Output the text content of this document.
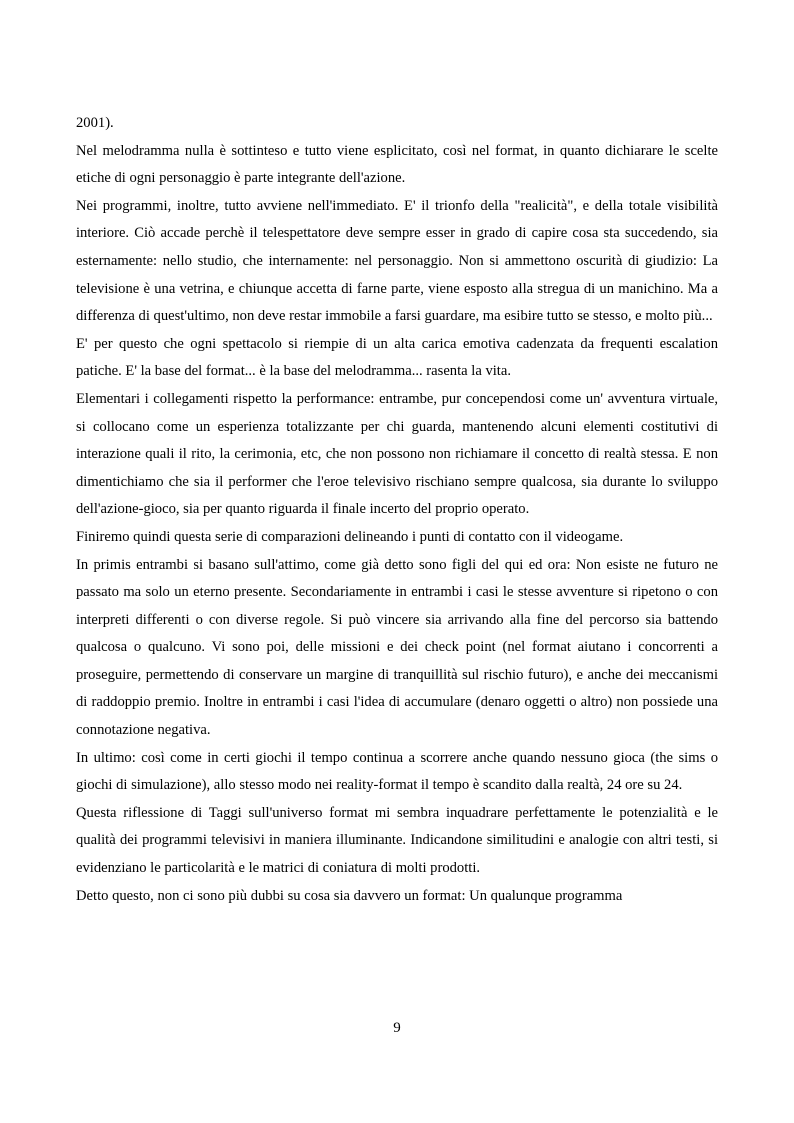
2001).

Nel melodramma nulla è sottinteso e tutto viene esplicitato, così nel format, in quanto dichiarare le scelte etiche di ogni personaggio è parte integrante dell'azione.

Nei programmi, inoltre, tutto avviene nell'immediato. E' il trionfo della "realicità", e della totale visibilità interiore. Ciò accade perchè il telespettatore deve sempre esser in grado di capire cosa sta succedendo, sia esternamente: nello studio, che internamente: nel personaggio. Non si ammettono oscurità di giudizio: La televisione è una vetrina, e chiunque accetta di farne parte, viene esposto alla stregua di un manichino. Ma a differenza di quest'ultimo, non deve restar immobile a farsi guardare, ma esibire tutto se stesso, e molto più...

E' per questo che ogni spettacolo si riempie di un alta carica emotiva cadenzata da frequenti escalation patiche. E' la base del format... è la base del melodramma... rasenta la vita.

Elementari i collegamenti rispetto la performance: entrambe, pur concependosi come un' avventura virtuale, si collocano come un esperienza totalizzante per chi guarda, mantenendo alcuni elementi costitutivi di interazione quali il rito, la cerimonia, etc, che non possono non richiamare il concetto di realtà stessa. E non dimentichiamo che sia il performer che l'eroe televisivo rischiano sempre qualcosa, sia durante lo sviluppo dell'azione-gioco, sia per quanto riguarda il finale incerto del proprio operato.

Finiremo quindi questa serie di comparazioni delineando i punti di contatto con il videogame.

In primis entrambi si basano sull'attimo, come già detto sono figli del qui ed ora: Non esiste ne futuro ne passato ma solo un eterno presente. Secondariamente in entrambi i casi le stesse avventure si ripetono o con interpreti differenti o con diverse regole. Si può vincere sia arrivando alla fine del percorso sia battendo qualcosa o qualcuno. Vi sono poi, delle missioni e dei check point (nel format aiutano i concorrenti a proseguire, permettendo di conservare un margine di tranquillità sul rischio futuro), e anche dei meccanismi di raddoppio premio. Inoltre in entrambi i casi l'idea di accumulare (denaro oggetti o altro) non possiede una connotazione negativa.

In ultimo: così come in certi giochi il tempo continua a scorrere anche quando nessuno gioca (the sims o giochi di simulazione), allo stesso modo nei reality-format il tempo è scandito dalla realtà, 24 ore su 24.

Questa riflessione di Taggi sull'universo format mi sembra inquadrare perfettamente le potenzialità e le qualità dei programmi televisivi in maniera illuminante. Indicandone similitudini e analogie con altri testi, si evidenziano le particolarità e le matrici di coniatura di molti prodotti.

Detto questo, non ci sono più dubbi su cosa sia davvero un format: Un qualunque programma

9
